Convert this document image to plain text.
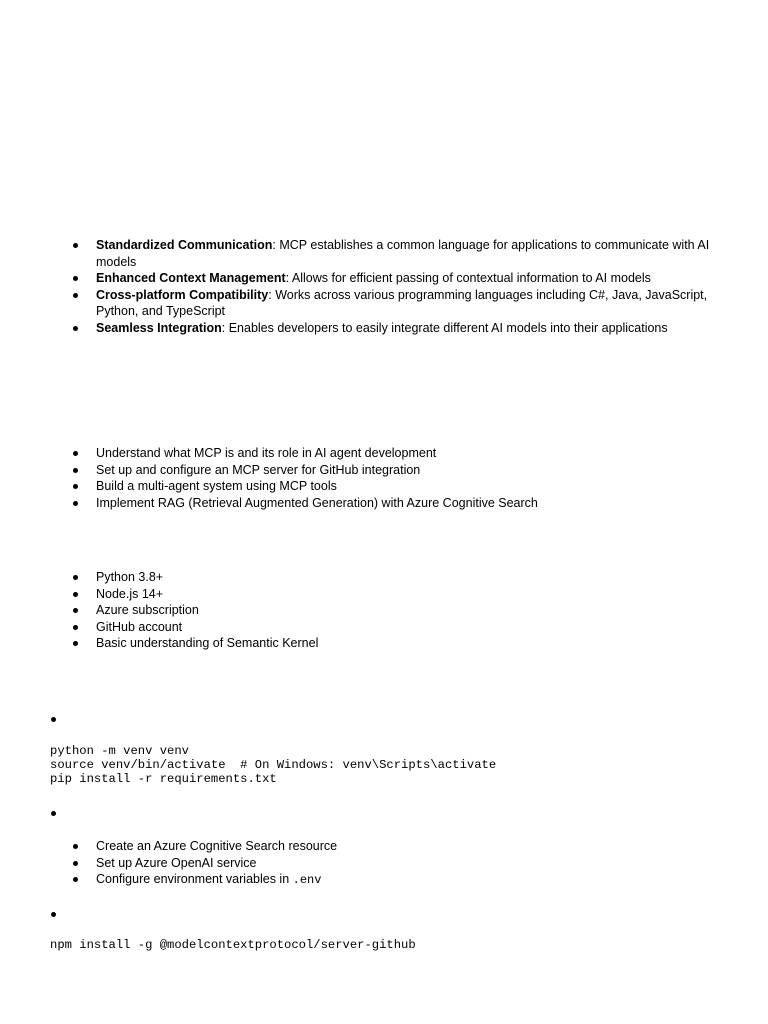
Standardized Communication: MCP establishes a common language for applications to communicate with AI models
Enhanced Context Management: Allows for efficient passing of contextual information to AI models
Cross-platform Compatibility: Works across various programming languages including C#, Java, JavaScript, Python, and TypeScript
Seamless Integration: Enables developers to easily integrate different AI models into their applications
Understand what MCP is and its role in AI agent development
Set up and configure an MCP server for GitHub integration
Build a multi-agent system using MCP tools
Implement RAG (Retrieval Augmented Generation) with Azure Cognitive Search
Python 3.8+
Node.js 14+
Azure subscription
GitHub account
Basic understanding of Semantic Kernel
python -m venv venv
source venv/bin/activate  # On Windows: venv\Scripts\activate
pip install -r requirements.txt
Create an Azure Cognitive Search resource
Set up Azure OpenAI service
Configure environment variables in .env
npm install -g @modelcontextprotocol/server-github
